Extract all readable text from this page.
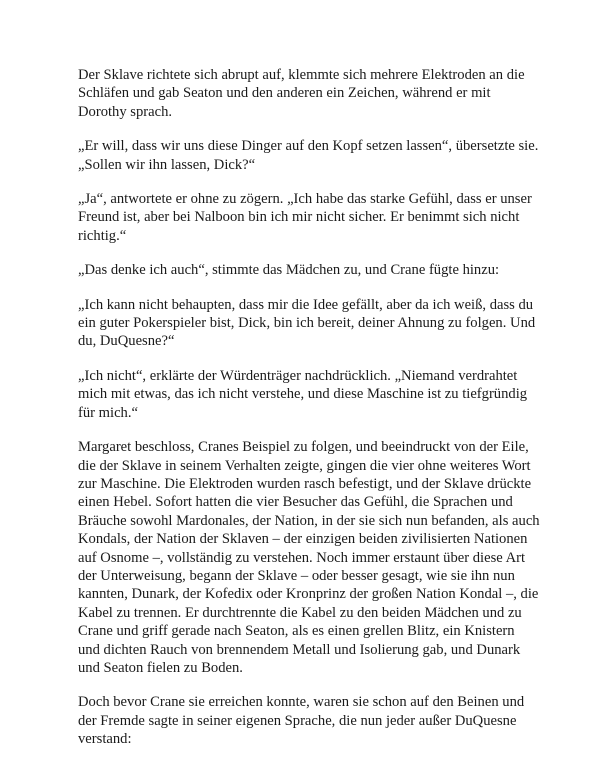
Der Sklave richtete sich abrupt auf, klemmte sich mehrere Elektroden an die Schläfen und gab Seaton und den anderen ein Zeichen, während er mit Dorothy sprach.

„Er will, dass wir uns diese Dinger auf den Kopf setzen lassen“, übersetzte sie. „Sollen wir ihn lassen, Dick?“

„Ja“, antwortete er ohne zu zögern. „Ich habe das starke Gefühl, dass er unser Freund ist, aber bei Nalboon bin ich mir nicht sicher. Er benimmt sich nicht richtig.“

„Das denke ich auch“, stimmte das Mädchen zu, und Crane fügte hinzu:

„Ich kann nicht behaupten, dass mir die Idee gefällt, aber da ich weiß, dass du ein guter Pokerspieler bist, Dick, bin ich bereit, deiner Ahnung zu folgen. Und du, DuQuesne?“

„Ich nicht“, erklärte der Würdenträger nachdrücklich. „Niemand verdrahtet mich mit etwas, das ich nicht verstehe, und diese Maschine ist zu tiefgründig für mich.“

Margaret beschloss, Cranes Beispiel zu folgen, und beeindruckt von der Eile, die der Sklave in seinem Verhalten zeigte, gingen die vier ohne weiteres Wort zur Maschine. Die Elektroden wurden rasch befestigt, und der Sklave drückte einen Hebel. Sofort hatten die vier Besucher das Gefühl, die Sprachen und Bräuche sowohl Mardonales, der Nation, in der sie sich nun befanden, als auch Kondals, der Nation der Sklaven – der einzigen beiden zivilisierten Nationen auf Osnome –, vollständig zu verstehen. Noch immer erstaunt über diese Art der Unterweisung, begann der Sklave – oder besser gesagt, wie sie ihn nun kannten, Dunark, der Kofedix oder Kronprinz der großen Nation Kondal –, die Kabel zu trennen. Er durchtrennte die Kabel zu den beiden Mädchen und zu Crane und griff gerade nach Seaton, als es einen grellen Blitz, ein Knistern und dichten Rauch von brennendem Metall und Isolierung gab, und Dunark und Seaton fielen zu Boden.

Doch bevor Crane sie erreichen konnte, waren sie schon auf den Beinen und der Fremde sagte in seiner eigenen Sprache, die nun jeder außer DuQuesne verstand:
